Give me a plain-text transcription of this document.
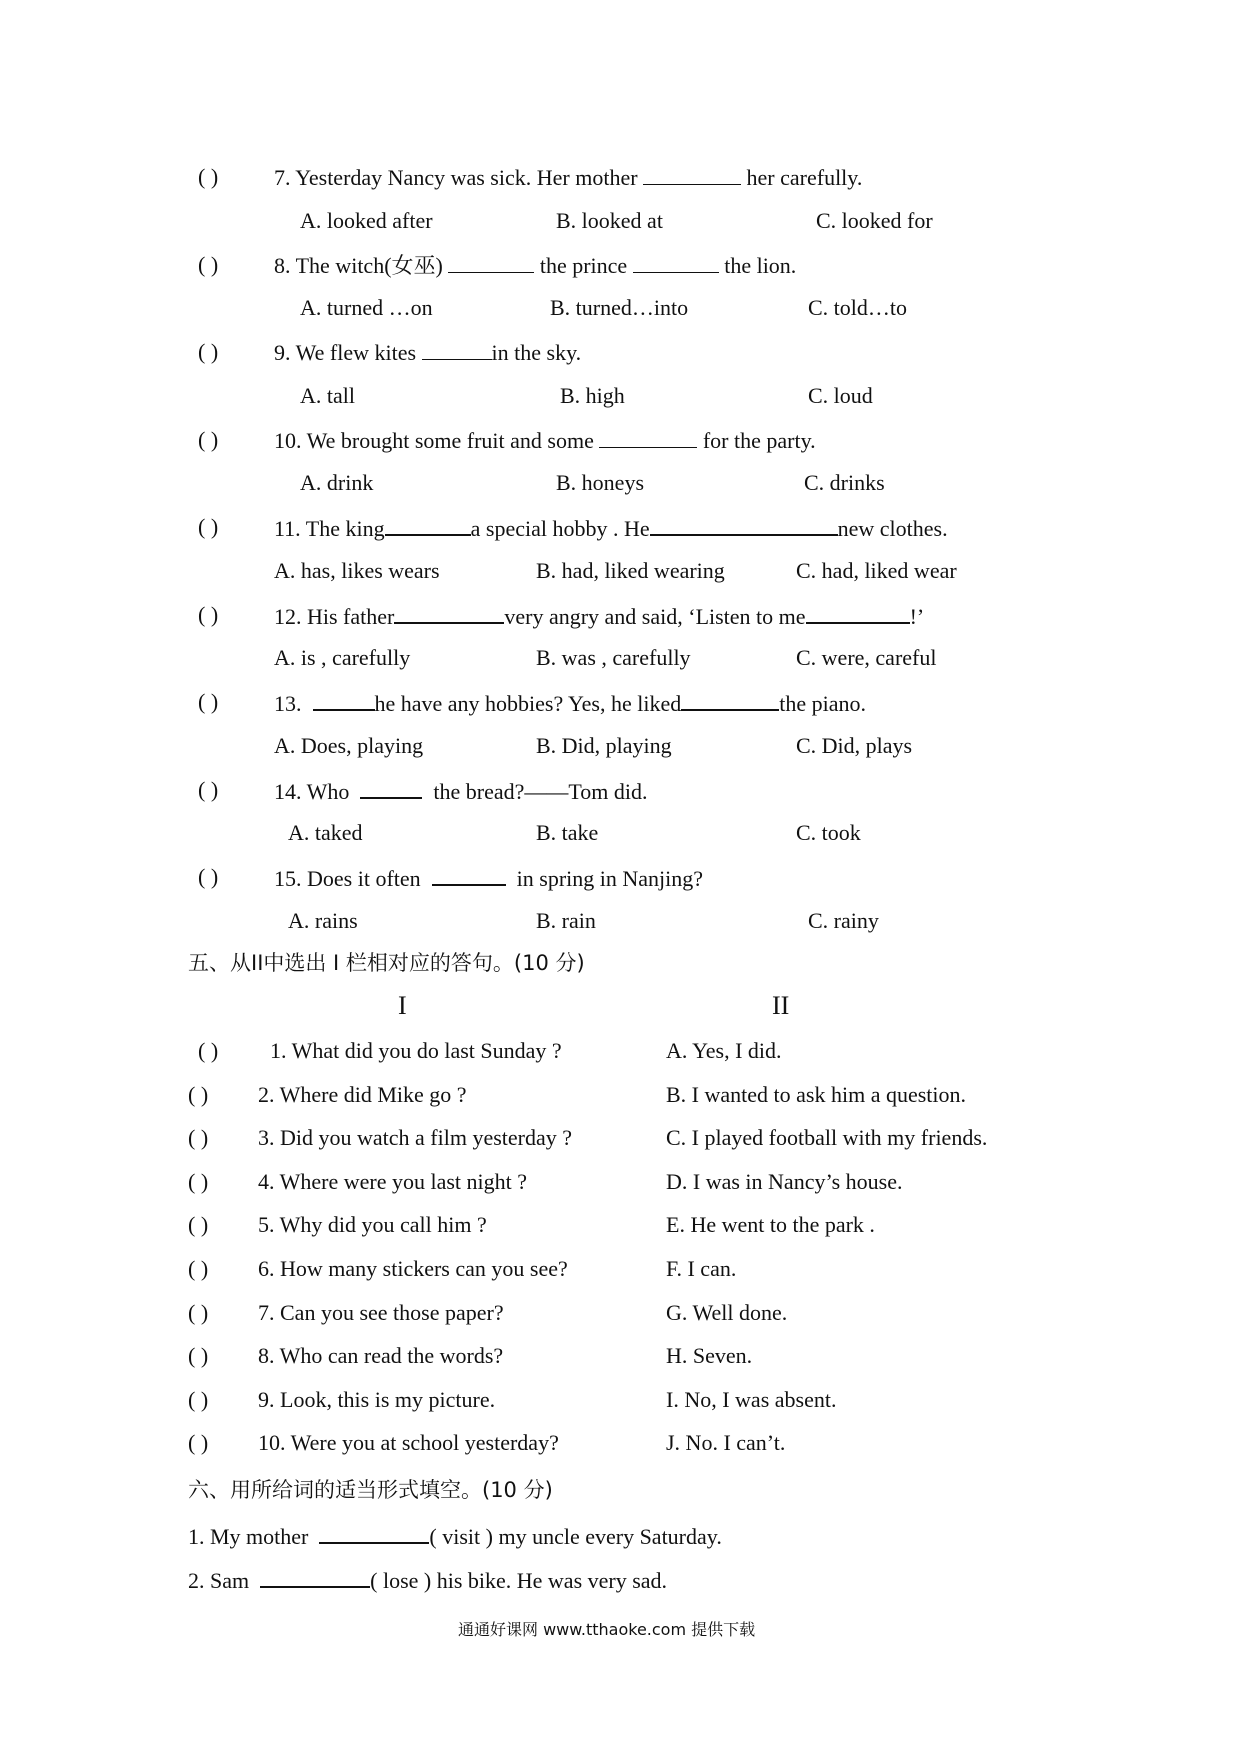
( )	7. Yesterday Nancy was sick. Her mother	her carefully.
A. looked after	B. looked at	C. looked for
( )	8. The witch(女巫)	the prince	the lion.
A. turned …on	B. turned…into	C. told…to
( )	9. We flew kites	in the sky.
A. tall	B. high	C. loud
( )	10. We brought some fruit and some	for the party.
A. drink	B. honeys	C. drinks
( )	11. The king	a special hobby . He	new clothes.
A. has, likes wears	B. had, liked wearing	C. had, liked wear
( )	12. His father	very angry and said, ‘Listen to me	!’
A. is , carefully	B. was , carefully	C. were, careful
( )	13.	he have any hobbies? Yes, he liked	the piano.
A. Does, playing	B. Did, playing	C. Did, plays
( )	14. Who	the bread?——Tom did.
A. taked	B. take	C. took
( )	15. Does it often	in spring in Nanjing?
A. rains	B. rain	C. rainy
五、从II中选出 I 栏相对应的答句。(10 分)
I	II
( ) 1. What did you do last Sunday ?	A. Yes, I did.
( ) 2. Where did Mike go ?	B. I wanted to ask him a question.
( ) 3. Did you watch a film yesterday ?	C. I played football with my friends.
( ) 4. Where were you last night ?	D. I was in Nancy’s house.
( ) 5. Why did you call him ?	E. He went to the park .
( ) 6. How many stickers can you see?	F. I can.
( ) 7. Can you see those paper?	G. Well done.
( ) 8. Who can read the words?	H. Seven.
( ) 9. Look, this is my picture.	I. No, I was absent.
( ) 10. Were you at school yesterday?	J. No. I can’t.
六、用所给词的适当形式填空。(10 分)
1. My mother	( visit ) my uncle every Saturday.
2. Sam	( lose ) his bike. He was very sad.
通通好课网 www.tthaoke.com 提供下载
